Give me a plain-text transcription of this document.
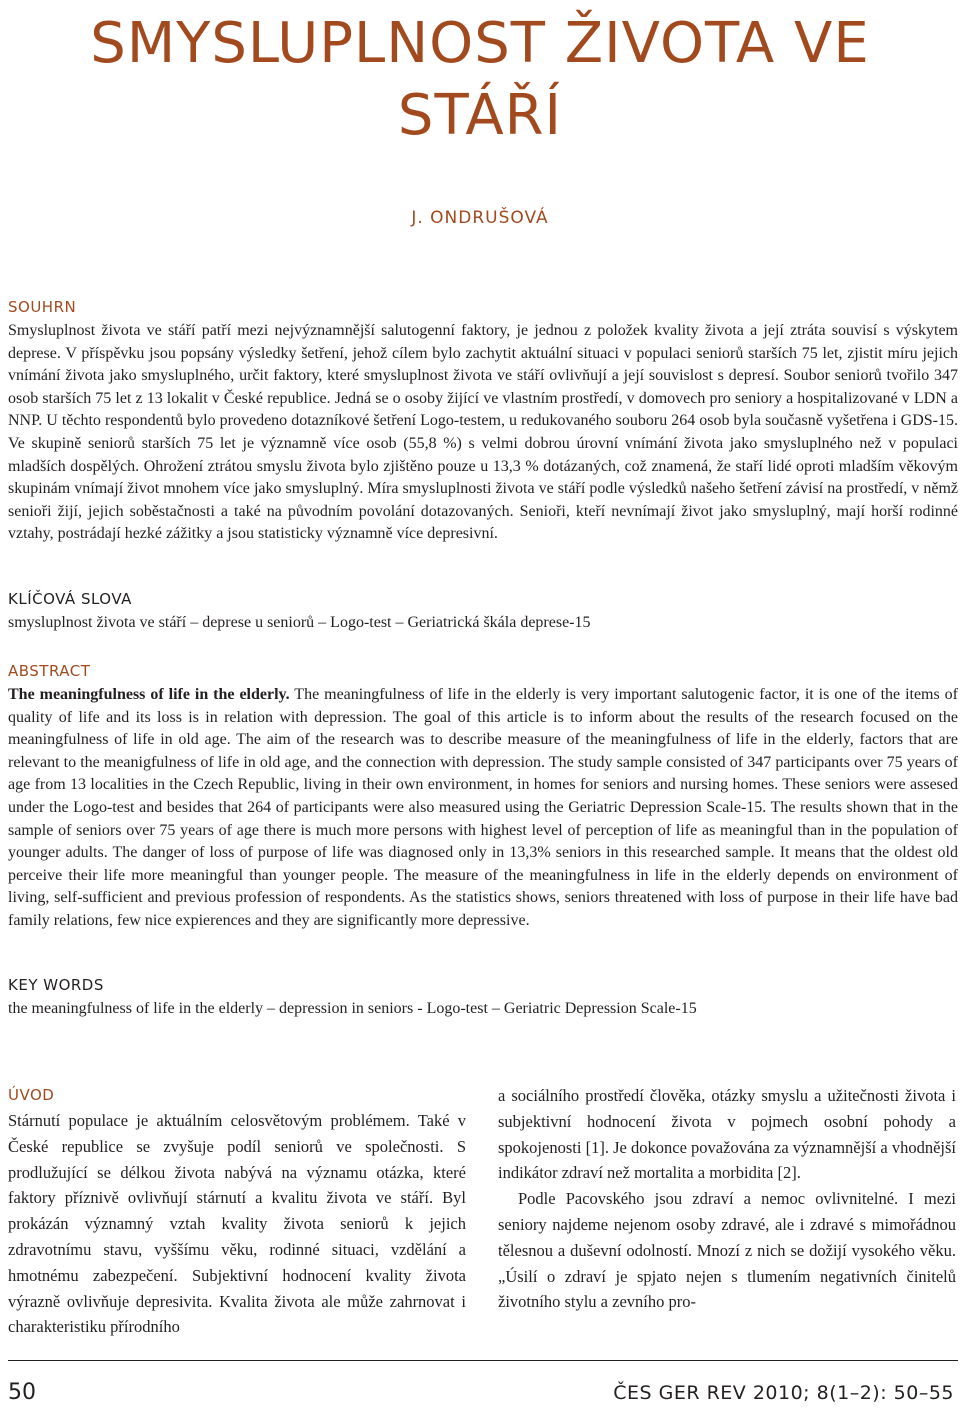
SMYSLUPLNOST ŽIVOTA VE STÁŘÍ
J. ONDRUŠOVÁ
SOUHRN

Smysluplnost života ve stáří patří mezi nejvýznamnější salutogenní faktory, je jednou z položek kvality života a její ztráta souvisí s výskytem deprese. V příspěvku jsou popsány výsledky šetření, jehož cílem bylo zachytit aktuální situaci v populaci seniorů starších 75 let, zjistit míru jejich vnímání života jako smysluplného, určit faktory, které smysluplnost života ve stáří ovlivňují a její souvislost s depresí. Soubor seniorů tvořilo 347 osob starších 75 let z 13 lokalit v České republice. Jedná se o osoby žijící ve vlastním prostředí, v domovech pro seniory a hospitalizované v LDN a NNP. U těchto respondentů bylo provedeno dotazníkové šetření Logo-testem, u redukovaného souboru 264 osob byla současně vyšetřena i GDS-15. Ve skupině seniorů starších 75 let je významně více osob (55,8 %) s velmi dobrou úrovní vnímání života jako smysluplného než v populaci mladších dospělých. Ohrožení ztrátou smyslu života bylo zjištěno pouze u 13,3 % dotázaných, což znamená, že staří lidé oproti mladším věkovým skupinám vnímají život mnohem více jako smysluplný. Míra smysluplnosti života ve stáří podle výsledků našeho šetření závisí na prostředí, v němž senioři žijí, jejich soběstačnosti a také na původním povolání dotazovaných. Senioři, kteří nevnímají život jako smysluplný, mají horší rodinné vztahy, postrádají hezké zážitky a jsou statisticky významně více depresivní.

KLÍČOVÁ SLOVA

smysluplnost života ve stáří – deprese u seniorů – Logo-test – Geriatrická škála deprese-15

ABSTRACT

The meaningfulness of life in the elderly. The meaningfulness of life in the elderly is very important salutogenic factor, it is one of the items of quality of life and its loss is in relation with depression. The goal of this article is to inform about the results of the research focused on the meaningfulness of life in old age. The aim of the research was to describe measure of the meaningfulness of life in the elderly, factors that are relevant to the meanigfulness of life in old age, and the connection with depression. The study sample consisted of 347 participants over 75 years of age from 13 localities in the Czech Republic, living in their own environment, in homes for seniors and nursing homes. These seniors were assesed under the Logo-test and besides that 264 of participants were also measured using the Geriatric Depression Scale-15. The results shown that in the sample of seniors over 75 years of age there is much more persons with highest level of perception of life as meaningful than in the population of younger adults. The danger of loss of purpose of life was diagnosed only in 13,3% seniors in this researched sample. It means that the oldest old perceive their life more meaningful than younger people. The measure of the meaningfulness in life in the elderly depends on environment of living, self-sufficient and previous profession of respondents. As the statistics shows, seniors threatened with loss of purpose in their life have bad family relations, few nice expierences and they are significantly more depressive.

KEY WORDS

the meaningfulness of life in the elderly – depression in seniors - Logo-test – Geriatric Depression Scale-15

ÚVOD

Stárnutí populace je aktuálním celosvětovým problémem. Také v České republice se zvyšuje podíl seniorů ve společnosti. S prodlužující se délkou života nabývá na významu otázka, které faktory příznivě ovlivňují stárnutí a kvalitu života ve stáří. Byl prokázán významný vztah kvality života seniorů k jejich zdravotnímu stavu, vyššímu věku, rodinné situaci, vzdělání a hmotnému zabezpečení. Subjektivní hodnocení kvality života výrazně ovlivňuje depresivita. Kvalita života ale může zahrnovat i charakteristiku přírodního

a sociálního prostředí člověka, otázky smyslu a užitečnosti života i subjektivní hodnocení života v pojmech osobní pohody a spokojenosti [1]. Je dokonce považována za významnější a vhodnější indikátor zdraví než mortalita a morbidita [2].

Podle Pacovského jsou zdraví a nemoc ovlivnitelné. I mezi seniory najdeme nejenom osoby zdravé, ale i zdravé s mimořádnou tělesnou a duševní odolností. Mnozí z nich se dožijí vysokého věku. „Úsilí o zdraví je spjato nejen s tlumením negativních činitelů životního stylu a zevního pro-

50	ČES GER REV 2010; 8(1–2): 50–55
